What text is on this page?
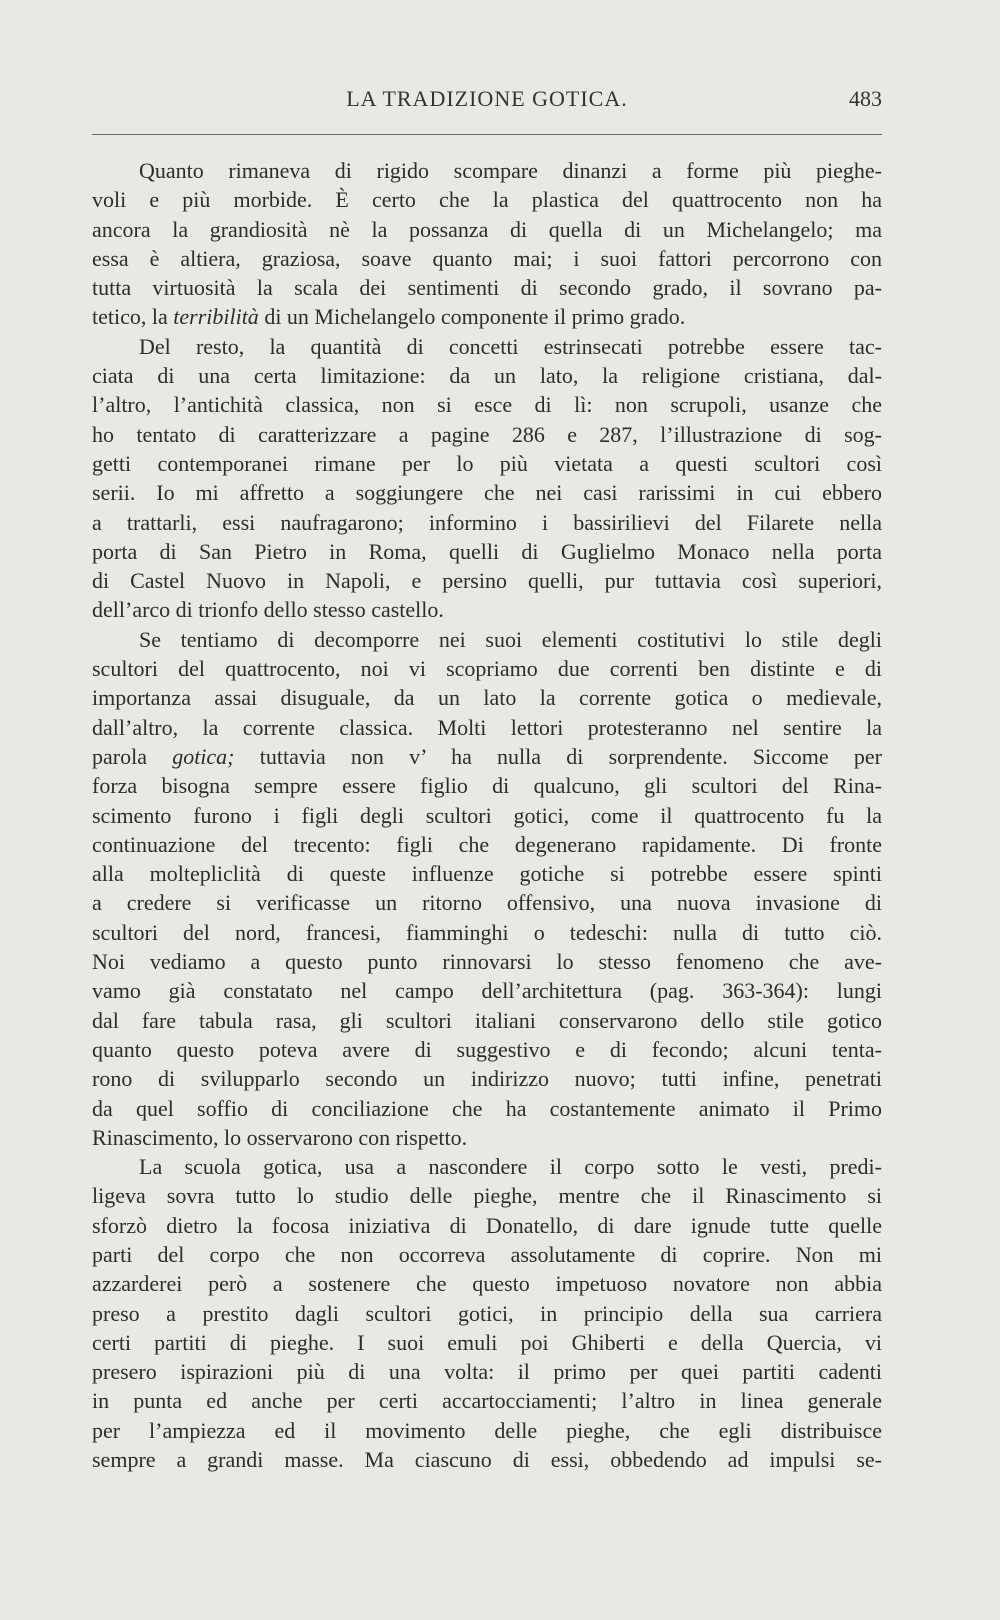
LA TRADIZIONE GOTICA.	483
Quanto rimaneva di rigido scompare dinanzi a forme più pieghe-
voli e più morbide. È certo che la plastica del quattrocento non ha
ancora la grandiosità nè la possanza di quella di un Michelangelo; ma
essa è altiera, graziosa, soave quanto mai; i suoi fattori percorrono con
tutta virtuosità la scala dei sentimenti di secondo grado, il sovrano pa-
tetico, la terribilità di un Michelangelo componente il primo grado.
Del resto, la quantità di concetti estrinsecati potrebbe essere tac-
ciata di una certa limitazione: da un lato, la religione cristiana, dal-
l’altro, l’antichità classica, non si esce di lì: non scrupoli, usanze che
ho tentato di caratterizzare a pagine 286 e 287, l’illustrazione di sog-
getti contemporanei rimane per lo più vietata a questi scultori così
serii. Io mi affretto a soggiungere che nei casi rarissimi in cui ebbero
a trattarli, essi naufragarono; informino i bassirilievi del Filarete nella
porta di San Pietro in Roma, quelli di Guglielmo Monaco nella porta
di Castel Nuovo in Napoli, e persino quelli, pur tuttavia così superiori,
dell’arco di trionfo dello stesso castello.
Se tentiamo di decomporre nei suoi elementi costitutivi lo stile degli
scultori del quattrocento, noi vi scopriamo due correnti ben distinte e di
importanza assai disuguale, da un lato la corrente gotica o medievale,
dall’altro, la corrente classica. Molti lettori protesteranno nel sentire la
parola gotica; tuttavia non v’ ha nulla di sorprendente. Siccome per
forza bisogna sempre essere figlio di qualcuno, gli scultori del Rina-
scimento furono i figli degli scultori gotici, come il quattrocento fu la
continuazione del trecento: figli che degenerano rapidamente. Di fronte
alla moltepliclità di queste influenze gotiche si potrebbe essere spinti
a credere si verificasse un ritorno offensivo, una nuova invasione di
scultori del nord, francesi, fiamminghi o tedeschi: nulla di tutto ciò.
Noi vediamo a questo punto rinnovarsi lo stesso fenomeno che ave-
vamo già constatato nel campo dell’architettura (pag. 363-364): lungi
dal fare tabula rasa, gli scultori italiani conservarono dello stile gotico
quanto questo poteva avere di suggestivo e di fecondo; alcuni tenta-
rono di svilupparlo secondo un indirizzo nuovo; tutti infine, penetrati
da quel soffio di conciliazione che ha costantemente animato il Primo
Rinascimento, lo osservarono con rispetto.
La scuola gotica, usa a nascondere il corpo sotto le vesti, predi-
ligeva sovra tutto lo studio delle pieghe, mentre che il Rinascimento si
sforzò dietro la focosa iniziativa di Donatello, di dare ignude tutte quelle
parti del corpo che non occorreva assolutamente di coprire. Non mi
azzarderei però a sostenere che questo impetuoso novatore non abbia
preso a prestito dagli scultori gotici, in principio della sua carriera
certi partiti di pieghe. I suoi emuli poi Ghiberti e della Quercia, vi
presero ispirazioni più di una volta: il primo per quei partiti cadenti
in punta ed anche per certi accartocciamenti; l’altro in linea generale
per l’ampiezza ed il movimento delle pieghe, che egli distribuisce
sempre a grandi masse. Ma ciascuno di essi, obbedendo ad impulsi se-
